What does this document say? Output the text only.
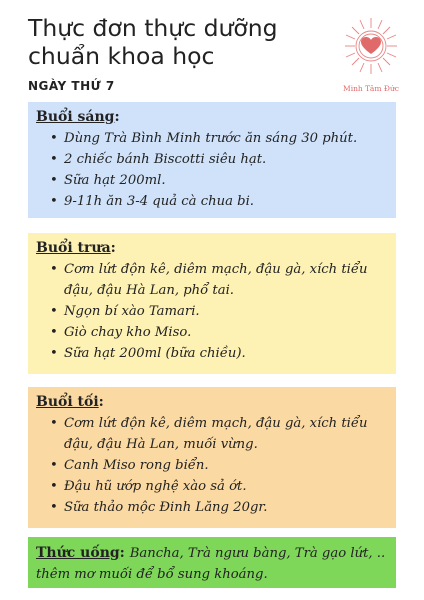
Thực đơn thực dưỡng
chuẩn khoa học
NGÀY THỨ 7	Minh Tâm Đức
Buổi sáng:
• Dùng Trà Bình Minh trước ăn sáng 30 phút.
• 2 chiếc bánh Biscotti siêu hạt.
• Sữa hạt 200ml.
• 9-11h ăn 3-4 quả cà chua bi.
Buổi trưa:
• Cơm lứt độn kê, diêm mạch, đậu gà, xích tiểu đậu, đậu Hà Lan, phổ tai.
• Ngọn bí xào Tamari.
• Giò chay kho Miso.
• Sữa hạt 200ml (bữa chiều).
Buổi tối:
• Cơm lứt độn kê, diêm mạch, đậu gà, xích tiểu đậu, đậu Hà Lan, muối vừng.
• Canh Miso rong biển.
• Đậu hũ ướp nghệ xào sả ớt.
• Sữa thảo mộc Đinh Lăng 20gr.
Thức uống: Bancha, Trà ngưu bàng, Trà gạo lứt, .. thêm mơ muối để bổ sung khoáng.
